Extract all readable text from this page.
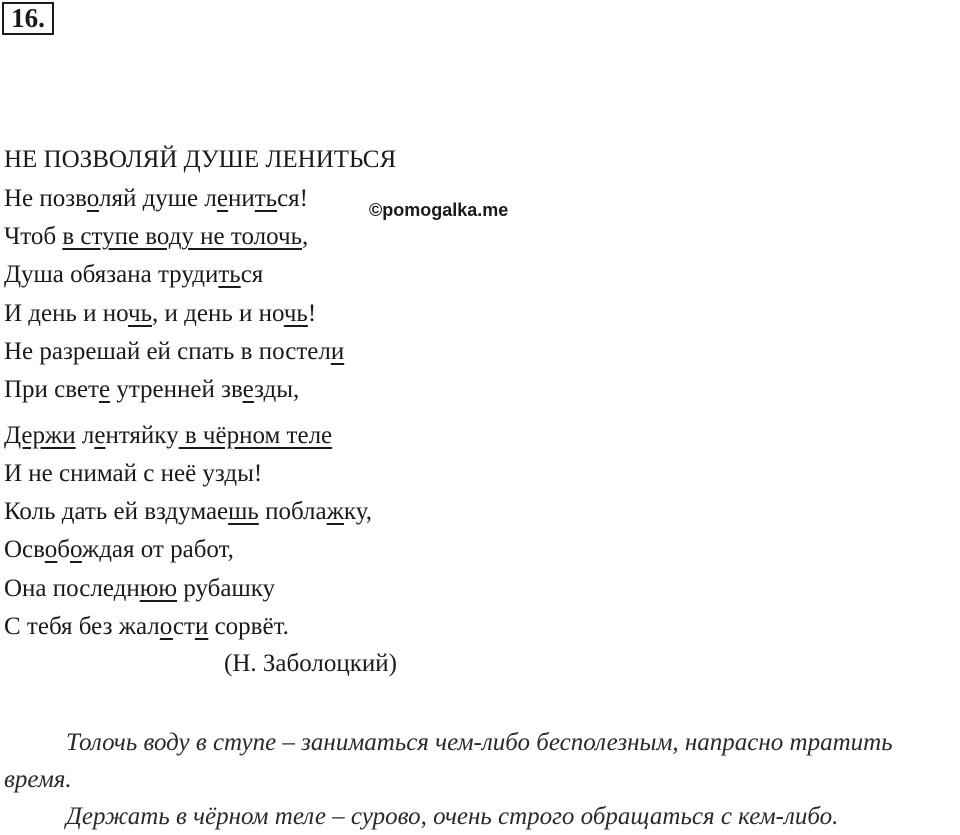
16.
НЕ ПОЗВОЛЯЙ ДУШЕ ЛЕНИТЬСЯ
Не позволяй душе лениться!
Чтоб в ступе воду не толочь,
Душа обязана трудиться
И день и ночь, и день и ночь!
Не разрешай ей спать в постели
При свете утренней звезды,
Держи лентяйку в чёрном теле
И не снимай с неё узды!
Коль дать ей вздумаешь поблажку,
Освобождая от работ,
Она последнюю рубашку
С тебя без жалости сорвёт.
©pomogalka.me
(Н. Заболоцкий)

Толочь воду в ступе – заниматься чем-либо бесполезным, напрасно тратить время.

Держать в чёрном теле – сурово, очень строго обращаться с кем-либо.
